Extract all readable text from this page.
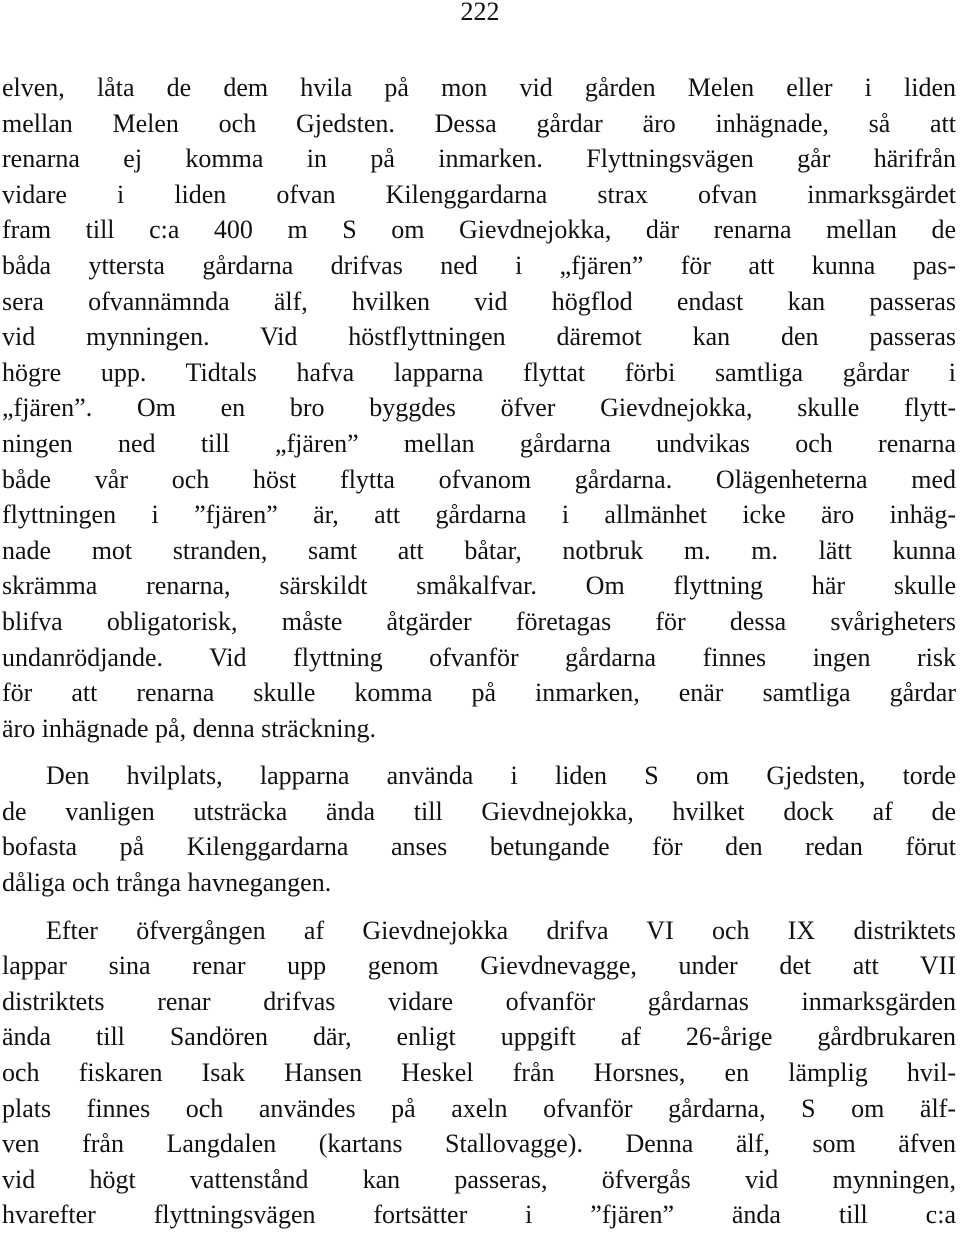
222

elven, låta de dem hvila på mon vid gården Melen eller i liden
mellan Melen och Gjedsten. Dessa gårdar äro inhägnade, så att
renarna ej komma in på inmarken. Flyttningsvägen går härifrån
vidare i liden ofvan Kilenggardarna strax ofvan inmarksgärdet
fram till c:a 400 m S om Gievdnejokka, där renarna mellan de
båda yttersta gårdarna drifvas ned i „fjären” för att kunna pas-
sera ofvannämnda älf, hvilken vid högflod endast kan passeras
vid mynningen. Vid höstflyttningen däremot kan den passeras
högre upp. Tidtals hafva lapparna flyttat förbi samtliga gårdar i
„fjären”. Om en bro byggdes öfver Gievdnejokka, skulle flytt-
ningen ned till „fjären” mellan gårdarna undvikas och renarna
både vår och höst flytta ofvanom gårdarna. Olägenheterna med
flyttningen i ”fjären” är, att gårdarna i allmänhet icke äro inhäg-
nade mot stranden, samt att båtar, notbruk m. m. lätt kunna
skrämma renarna, särskildt småkalfvar. Om flyttning här skulle
blifva obligatorisk, måste åtgärder företagas för dessa svårigheters
undanrödjande. Vid flyttning ofvanför gårdarna finnes ingen risk
för att renarna skulle komma på inmarken, enär samtliga gårdar
äro inhägnade på, denna sträckning.

Den hvilplats, lapparna använda i liden S om Gjedsten, torde
de vanligen utsträcka ända till Gievdnejokka, hvilket dock af de
bofasta på Kilenggardarna anses betungande för den redan förut
dåliga och trånga havnegangen.

Efter öfvergången af Gievdnejokka drifva VI och IX distriktets
lappar sina renar upp genom Gievdnevagge, under det att VII
distriktets renar drifvas vidare ofvanför gårdarnas inmarksgärden
ända till Sandören där, enligt uppgift af 26-årige gårdbrukaren
och fiskaren Isak Hansen Heskel från Horsnes, en lämplig hvil-
plats finnes och användes på axeln ofvanför gårdarna, S om älf-
ven från Langdalen (kartans Stallovagge). Denna älf, som äfven
vid högt vattenstånd kan passeras, öfvergås vid mynningen,
hvarefter flyttningsvägen fortsätter i ”fjären” ända till c:a
